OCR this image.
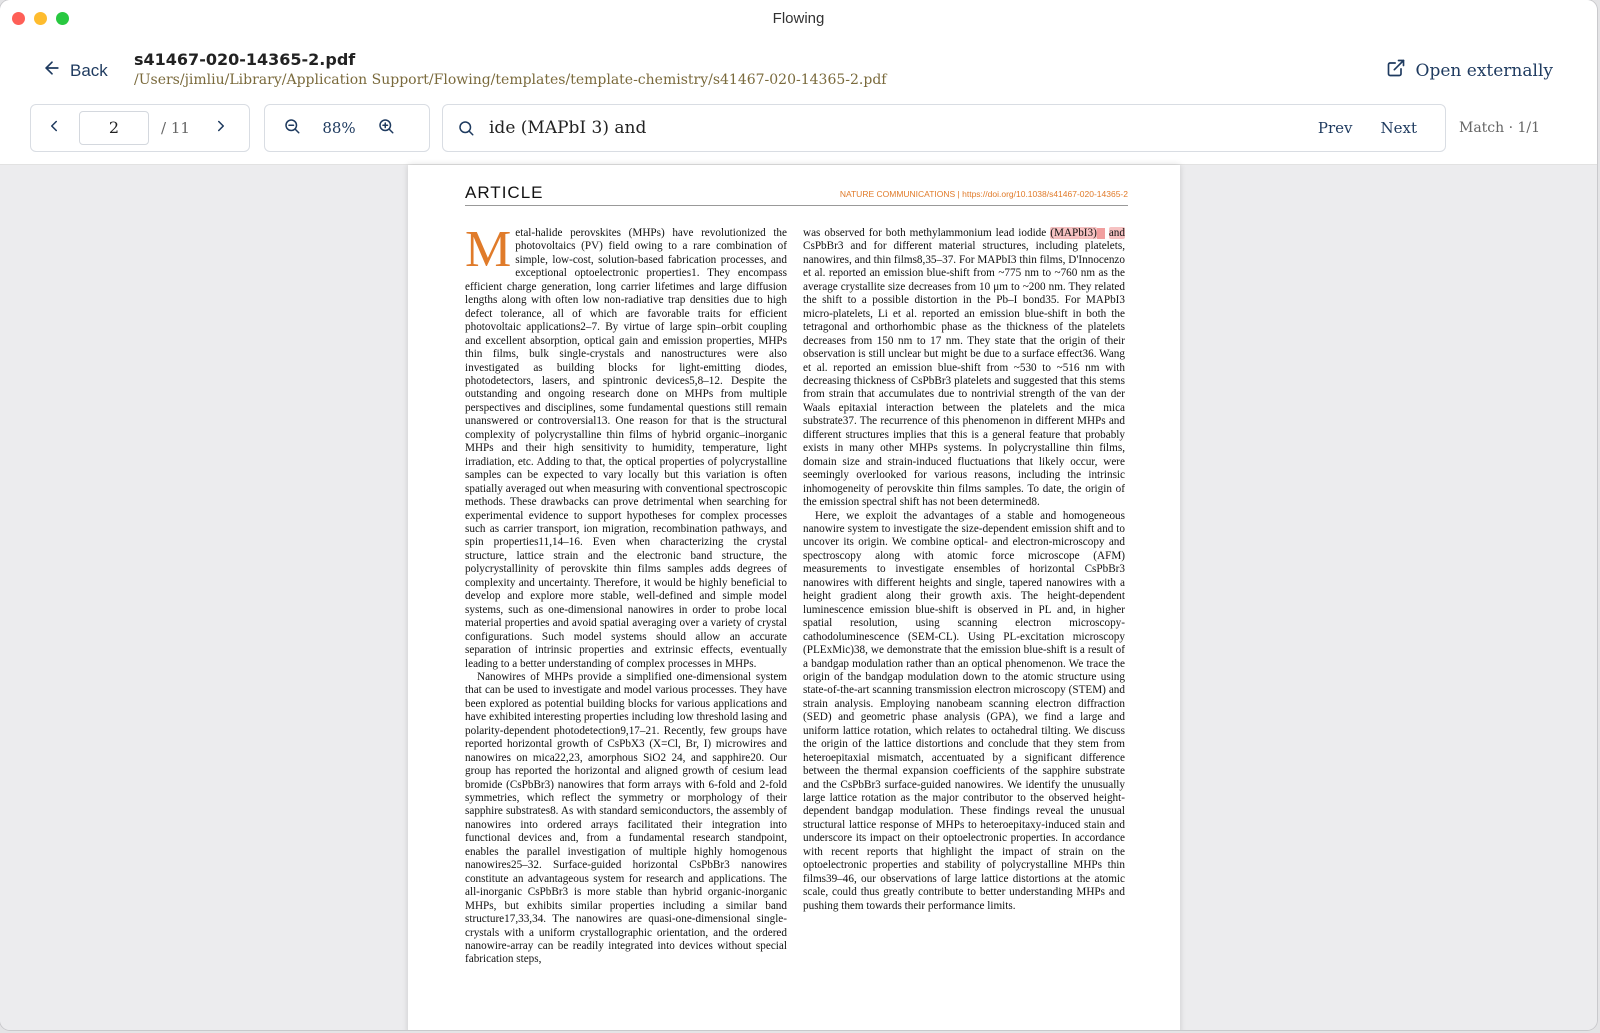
Flowing
Back
s41467-020-14365-2.pdf
/Users/jimliu/Library/Application Support/Flowing/templates/template-chemistry/s41467-020-14365-2.pdf	Open externally
2	/ 11	88%	ide (MAPbI 3) and	Prev Next	Match · 1/1
ARTICLE	NATURE COMMUNICATIONS | https://doi.org/10.1038/s41467-020-14365-2

Metal-halide perovskites (MHPs) have revolutionized the photovoltaics (PV) field owing to a rare combination of simple, low-cost, solution-based fabrication processes, and exceptional optoelectronic properties1. They encompass efficient charge generation, long carrier lifetimes and large diffusion lengths along with often low non-radiative trap densities due to high defect tolerance, all of which are favorable traits for efficient photovoltaic applications2–7. By virtue of large spin–orbit coupling and excellent absorption, optical gain and emission properties, MHPs thin films, bulk single-crystals and nanostructures were also investigated as building blocks for light-emitting diodes, photodetectors, lasers, and spintronic devices5,8–12. Despite the outstanding and ongoing research done on MHPs from multiple perspectives and disciplines, some fundamental questions still remain unanswered or controversial13. One reason for that is the structural complexity of polycrystalline thin films of hybrid organic–inorganic MHPs and their high sensitivity to humidity, temperature, light irradiation, etc. Adding to that, the optical properties of polycrystalline samples can be expected to vary locally but this variation is often spatially averaged out when measuring with conventional spectroscopic methods. These drawbacks can prove detrimental when searching for experimental evidence to support hypotheses for complex processes such as carrier transport, ion migration, recombination pathways, and spin properties11,14–16. Even when characterizing the crystal structure, lattice strain and the electronic band structure, the polycrystallinity of perovskite thin films samples adds degrees of complexity and uncertainty. Therefore, it would be highly beneficial to develop and explore more stable, well-defined and simple model systems, such as one-dimensional nanowires in order to probe local material properties and avoid spatial averaging over a variety of crystal configurations. Such model systems should allow an accurate separation of intrinsic properties and extrinsic effects, eventually leading to a better understanding of complex processes in MHPs.

Nanowires of MHPs provide a simplified one-dimensional system that can be used to investigate and model various processes. They have been explored as potential building blocks for various applications and have exhibited interesting properties including low threshold lasing and polarity-dependent photodetection9,17–21. Recently, few groups have reported horizontal growth of CsPbX3 (X=Cl, Br, I) microwires and nanowires on mica22,23, amorphous SiO2 24, and sapphire20. Our group has reported the horizontal and aligned growth of cesium lead bromide (CsPbBr3) nanowires that form arrays with 6-fold and 2-fold symmetries, which reflect the symmetry or morphology of their sapphire substrates8. As with standard semiconductors, the assembly of nanowires into ordered arrays facilitated their integration into functional devices and, from a fundamental research standpoint, enables the parallel investigation of multiple highly homogenous nanowires25–32. Surface-guided horizontal CsPbBr3 nanowires constitute an advantageous system for research and applications. The all-inorganic CsPbBr3 is more stable than hybrid organic-inorganic MHPs, but exhibits similar properties including a similar band structure17,33,34. The nanowires are quasi-one-dimensional single-crystals with a uniform crystallographic orientation, and the ordered nanowire-array can be readily integrated into devices without special fabrication steps,

was observed for both methylammonium lead iodide (MAPbI3) and CsPbBr3 and for different material structures, including platelets, nanowires, and thin films8,35–37. For MAPbI3 thin films, D'Innocenzo et al. reported an emission blue-shift from ~775 nm to ~760 nm as the average crystallite size decreases from 10 μm to ~200 nm. They related the shift to a possible distortion in the Pb–I bond35. For MAPbI3 micro-platelets, Li et al. reported an emission blue-shift in both the tetragonal and orthorhombic phase as the thickness of the platelets decreases from 150 nm to 17 nm. They state that the origin of their observation is still unclear but might be due to a surface effect36. Wang et al. reported an emission blue-shift from ~530 to ~516 nm with decreasing thickness of CsPbBr3 platelets and suggested that this stems from strain that accumulates due to nontrivial strength of the van der Waals epitaxial interaction between the platelets and the mica substrate37. The recurrence of this phenomenon in different MHPs and different structures implies that this is a general feature that probably exists in many other MHPs systems. In polycrystalline thin films, domain size and strain-induced fluctuations that likely occur, were seemingly overlooked for various reasons, including the intrinsic inhomogeneity of perovskite thin films samples. To date, the origin of the emission spectral shift has not been determined8.

Here, we exploit the advantages of a stable and homogeneous nanowire system to investigate the size-dependent emission shift and to uncover its origin. We combine optical- and electron-microscopy and spectroscopy along with atomic force microscope (AFM) measurements to investigate ensembles of horizontal CsPbBr3 nanowires with different heights and single, tapered nanowires with a height gradient along their growth axis. The height-dependent luminescence emission blue-shift is observed in PL and, in higher spatial resolution, using scanning electron microscopy-cathodoluminescence (SEM-CL). Using PL-excitation microscopy (PLExMic)38, we demonstrate that the emission blue-shift is a result of a bandgap modulation rather than an optical phenomenon. We trace the origin of the bandgap modulation down to the atomic structure using state-of-the-art scanning transmission electron microscopy (STEM) and strain analysis. Employing nanobeam scanning electron diffraction (SED) and geometric phase analysis (GPA), we find a large and uniform lattice rotation, which relates to octahedral tilting. We discuss the origin of the lattice distortions and conclude that they stem from heteroepitaxial mismatch, accentuated by a significant difference between the thermal expansion coefficients of the sapphire substrate and the CsPbBr3 surface-guided nanowires. We identify the unusually large lattice rotation as the major contributor to the observed height-dependent bandgap modulation. These findings reveal the unusual structural lattice response of MHPs to heteroepitaxy-induced stain and underscore its impact on their optoelectronic properties. In accordance with recent reports that highlight the impact of strain on the optoelectronic properties and stability of polycrystalline MHPs thin films39–46, our observations of large lattice distortions at the atomic scale, could thus greatly contribute to better understanding MHPs and pushing them towards their performance limits.
